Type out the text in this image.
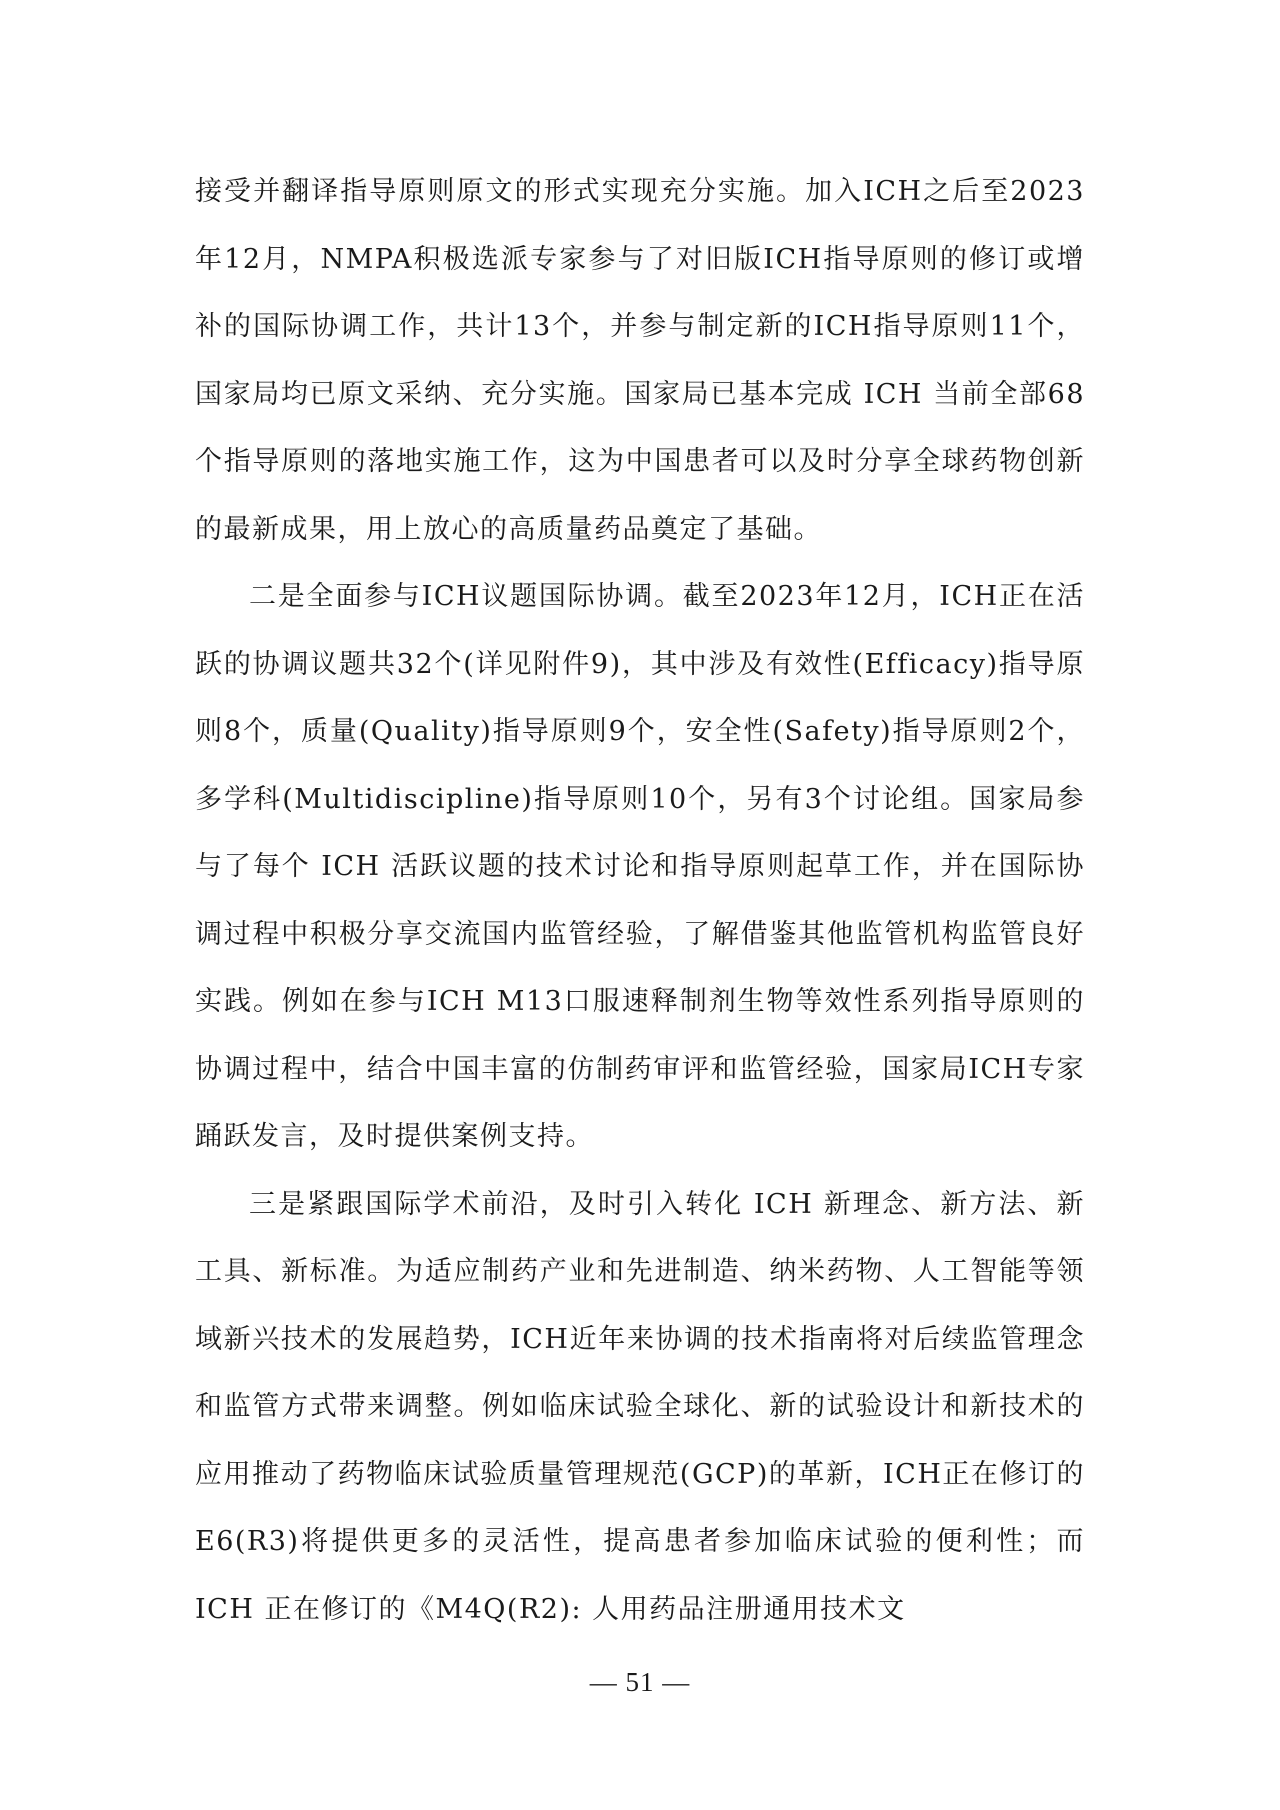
接受并翻译指导原则原文的形式实现充分实施。加入ICH之后至2023年12月，NMPA积极选派专家参与了对旧版ICH指导原则的修订或增补的国际协调工作，共计13个，并参与制定新的ICH指导原则11个，国家局均已原文采纳、充分实施。国家局已基本完成 ICH 当前全部68个指导原则的落地实施工作，这为中国患者可以及时分享全球药物创新的最新成果，用上放心的高质量药品奠定了基础。

二是全面参与ICH议题国际协调。截至2023年12月，ICH正在活跃的协调议题共32个(详见附件9)，其中涉及有效性(Efficacy)指导原则8个，质量(Quality)指导原则9个，安全性(Safety)指导原则2个，多学科(Multidiscipline)指导原则10个，另有3个讨论组。国家局参与了每个 ICH 活跃议题的技术讨论和指导原则起草工作，并在国际协调过程中积极分享交流国内监管经验，了解借鉴其他监管机构监管良好实践。例如在参与ICH M13口服速释制剂生物等效性系列指导原则的协调过程中，结合中国丰富的仿制药审评和监管经验，国家局ICH专家踊跃发言，及时提供案例支持。

三是紧跟国际学术前沿，及时引入转化 ICH 新理念、新方法、新工具、新标准。为适应制药产业和先进制造、纳米药物、人工智能等领域新兴技术的发展趋势，ICH近年来协调的技术指南将对后续监管理念和监管方式带来调整。例如临床试验全球化、新的试验设计和新技术的应用推动了药物临床试验质量管理规范(GCP)的革新，ICH正在修订的 E6(R3)将提供更多的灵活性，提高患者参加临床试验的便利性；而 ICH 正在修订的《M4Q(R2): 人用药品注册通用技术文

— 51 —
